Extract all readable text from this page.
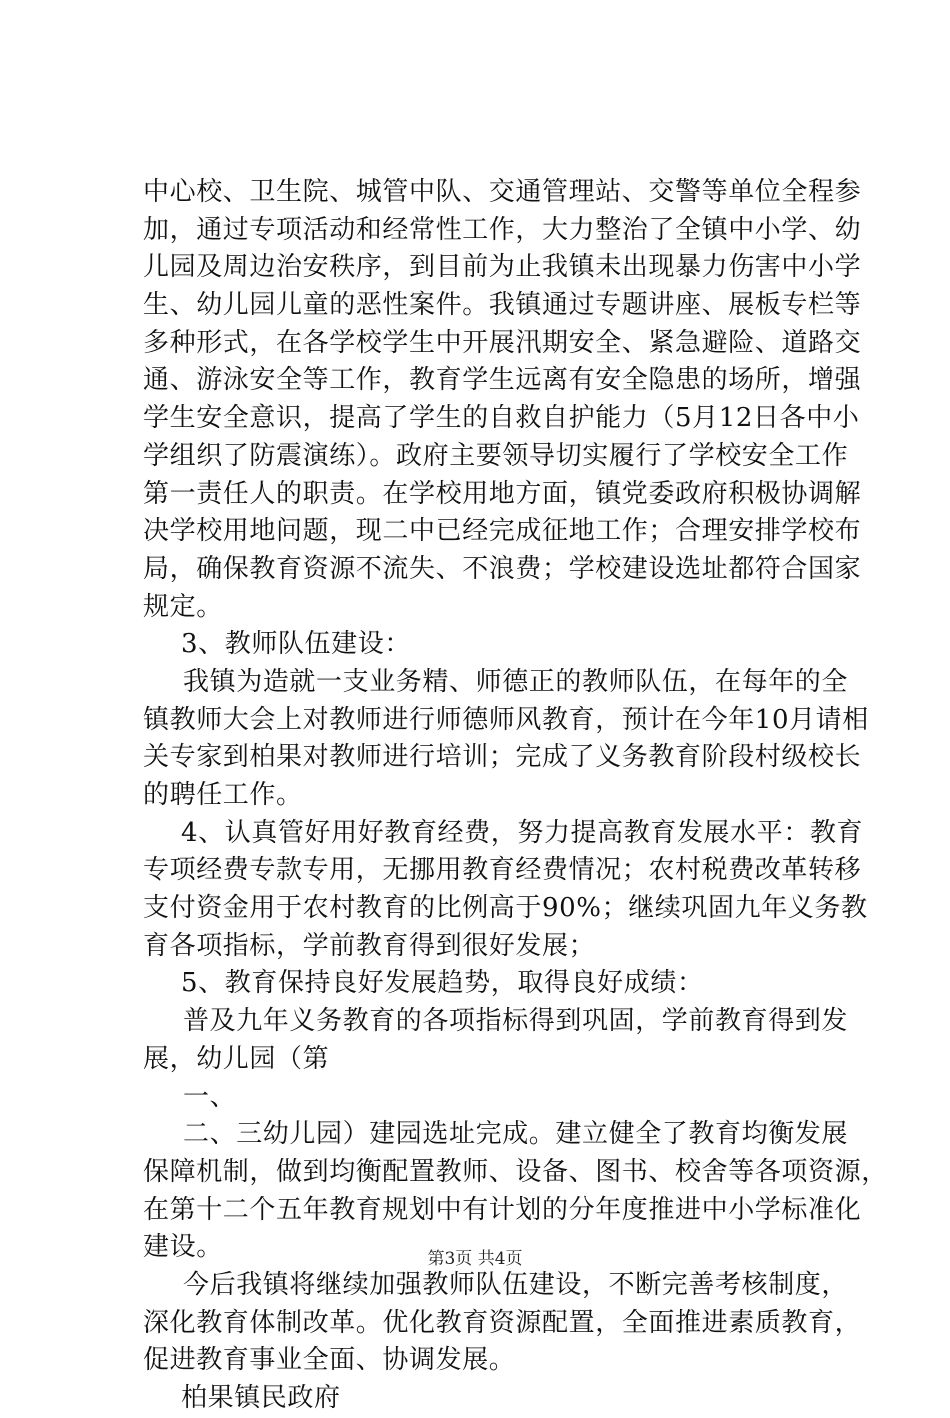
中心校、卫生院、城管中队、交通管理站、交警等单位全程参
加，通过专项活动和经常性工作，大力整治了全镇中小学、幼
儿园及周边治安秩序，到目前为止我镇未出现暴力伤害中小学
生、幼儿园儿童的恶性案件。我镇通过专题讲座、展板专栏等
多种形式，在各学校学生中开展汛期安全、紧急避险、道路交
通、游泳安全等工作，教育学生远离有安全隐患的场所，增强
学生安全意识，提高了学生的自救自护能力（5月12日各中小
学组织了防震演练）。政府主要领导切实履行了学校安全工作
第一责任人的职责。在学校用地方面，镇党委政府积极协调解
决学校用地问题，现二中已经完成征地工作；合理安排学校布
局，确保教育资源不流失、不浪费；学校建设选址都符合国家
规定。
3、教师队伍建设：
我镇为造就一支业务精、师德正的教师队伍，在每年的全
镇教师大会上对教师进行师德师风教育，预计在今年10月请相
关专家到柏果对教师进行培训；完成了义务教育阶段村级校长
的聘任工作。
4、认真管好用好教育经费，努力提高教育发展水平：教育
专项经费专款专用，无挪用教育经费情况；农村税费改革转移
支付资金用于农村教育的比例高于90%；继续巩固九年义务教
育各项指标，学前教育得到很好发展；
5、教育保持良好发展趋势，取得良好成绩：
普及九年义务教育的各项指标得到巩固，学前教育得到发
展，幼儿园（第
一、
二、三幼儿园）建园选址完成。建立健全了教育均衡发展
保障机制，做到均衡配置教师、设备、图书、校舍等各项资源，
在第十二个五年教育规划中有计划的分年度推进中小学标准化
建设。
今后我镇将继续加强教师队伍建设，不断完善考核制度，
深化教育体制改革。优化教育资源配置，全面推进素质教育，
促进教育事业全面、协调发展。
柏果镇民政府
第3页 共4页
